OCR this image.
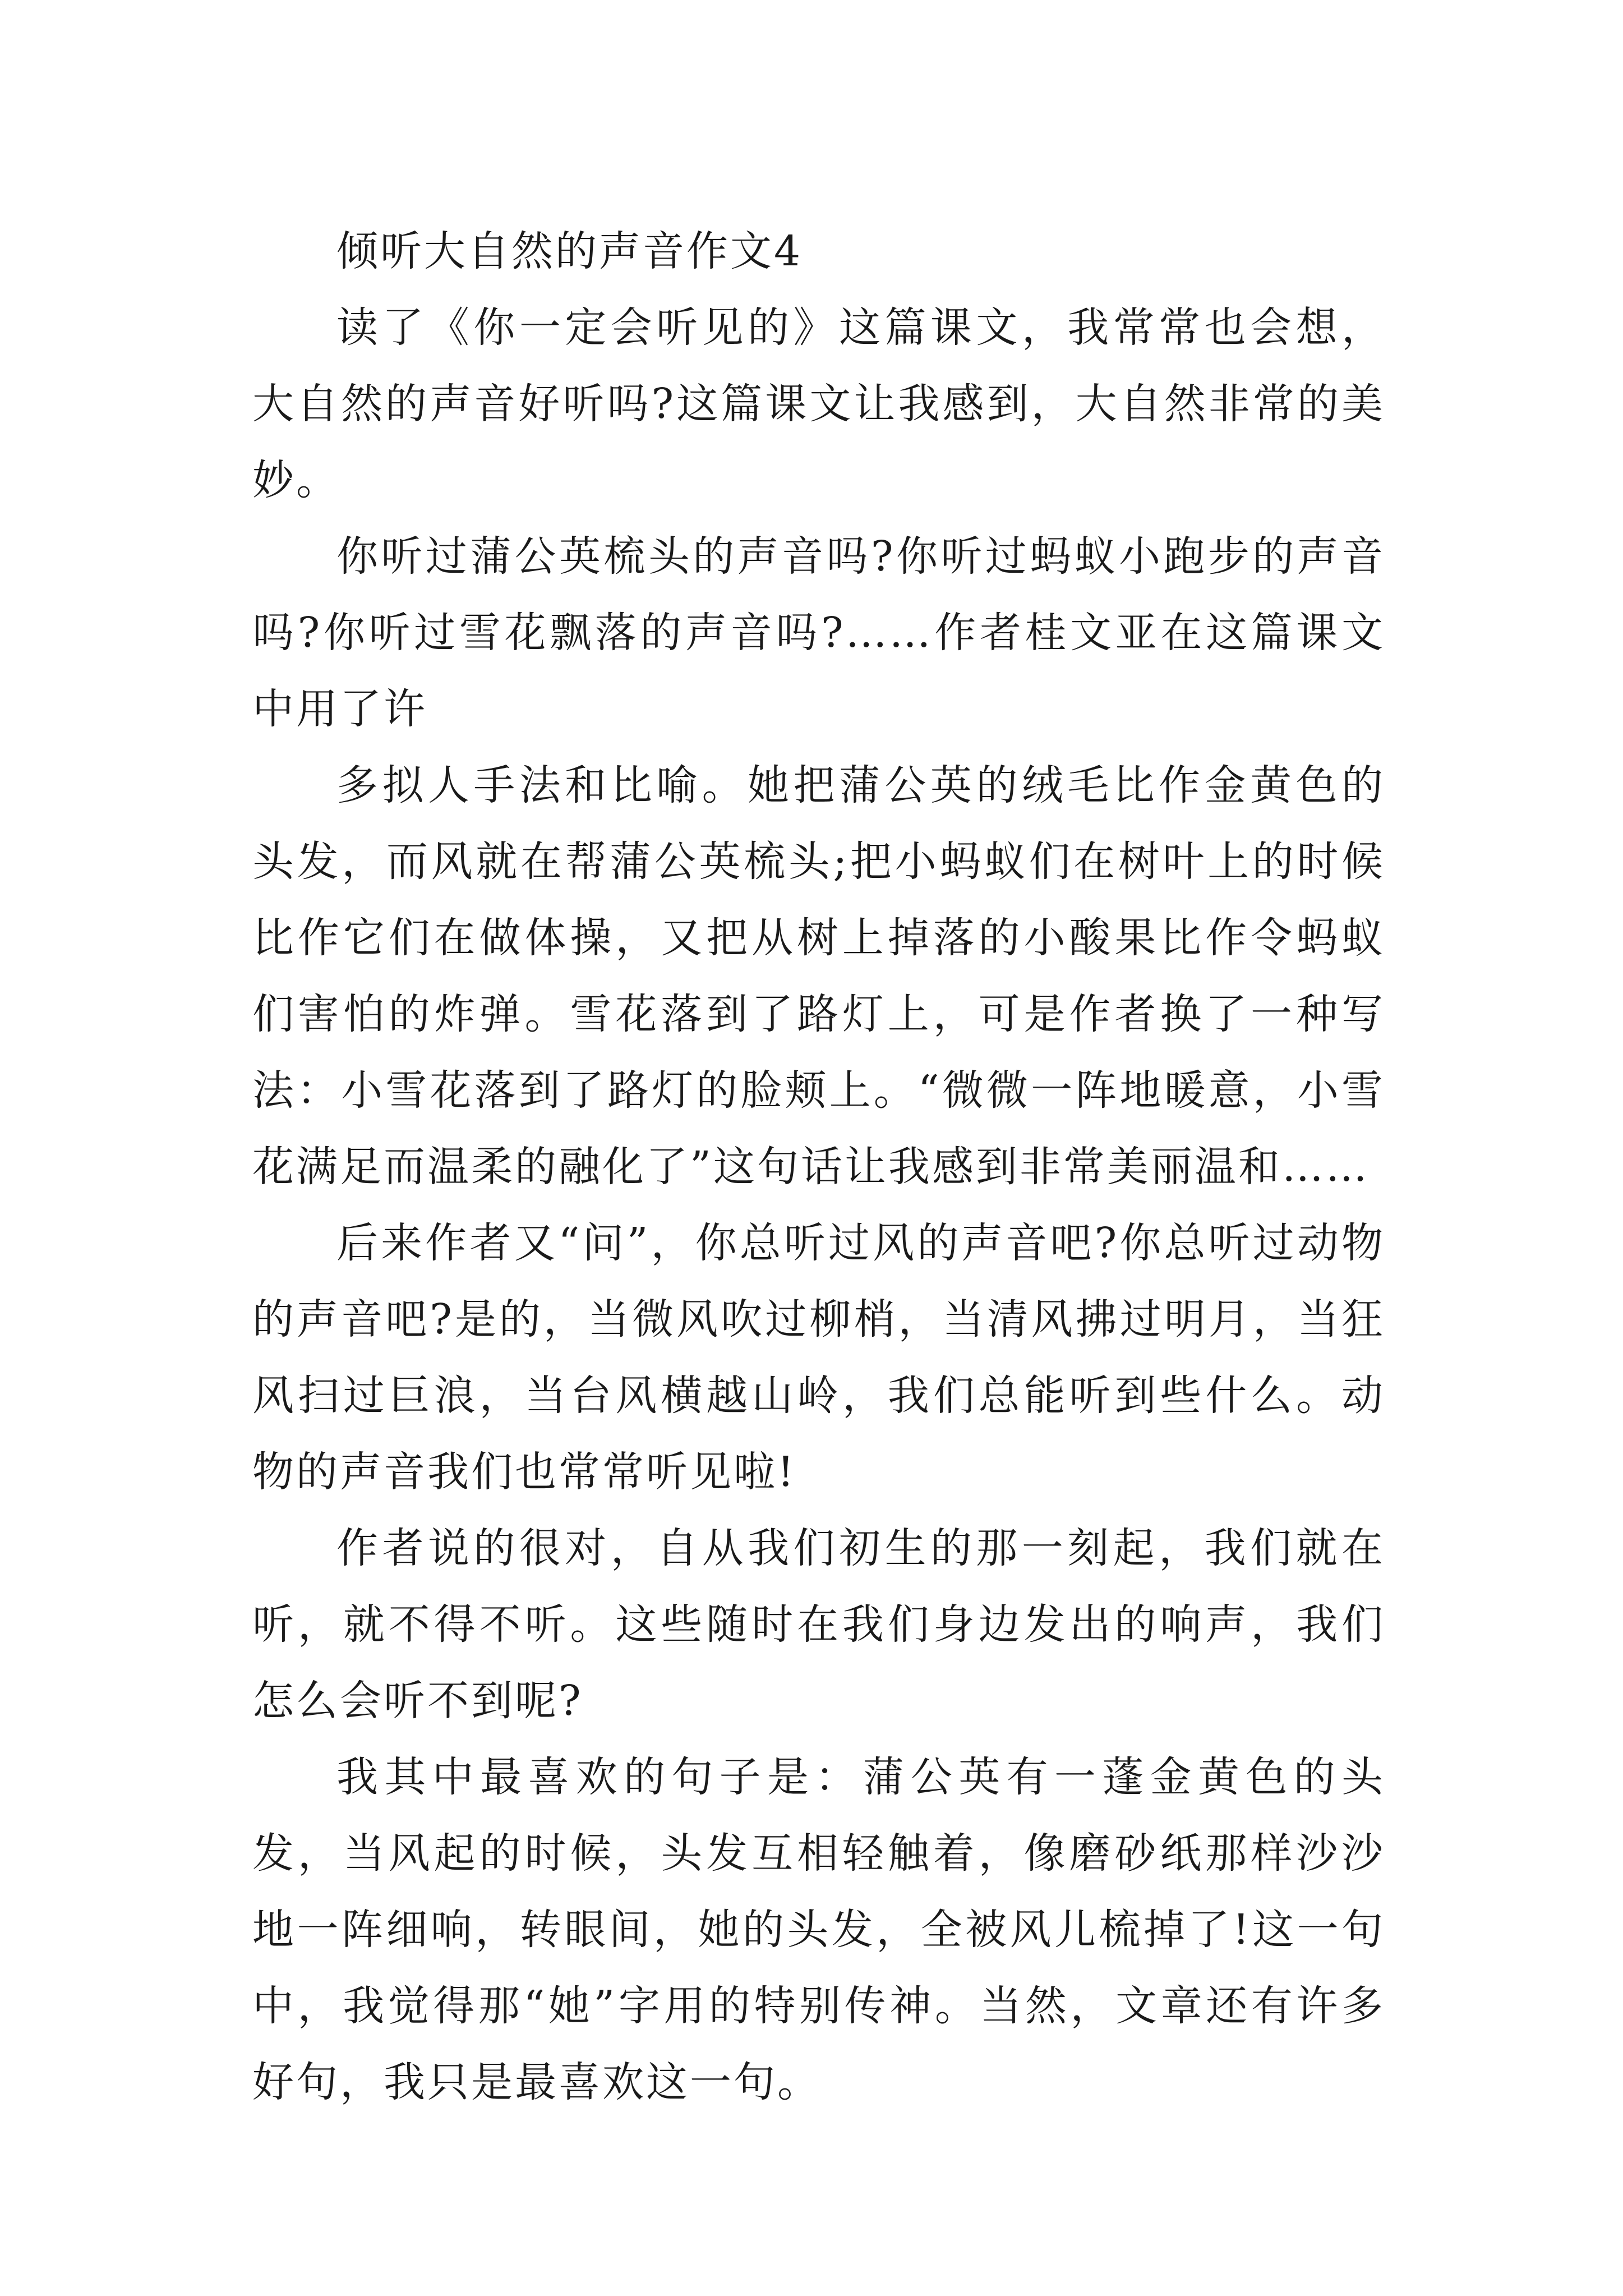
倾听大自然的声音作文4

读了《你一定会听见的》这篇课文，我常常也会想，大自然的声音好听吗?这篇课文让我感到，大自然非常的美妙。

你听过蒲公英梳头的声音吗?你听过蚂蚁小跑步的声音吗?你听过雪花飘落的声音吗?……作者桂文亚在这篇课文中用了许

多拟人手法和比喻。她把蒲公英的绒毛比作金黄色的头发，而风就在帮蒲公英梳头;把小蚂蚁们在树叶上的时候比作它们在做体操，又把从树上掉落的小酸果比作令蚂蚁们害怕的炸弹。雪花落到了路灯上，可是作者换了一种写法：小雪花落到了路灯的脸颊上。“微微一阵地暖意，小雪花满足而温柔的融化了”这句话让我感到非常美丽温和……

后来作者又“问”，你总听过风的声音吧?你总听过动物的声音吧?是的，当微风吹过柳梢，当清风拂过明月，当狂风扫过巨浪，当台风横越山岭，我们总能听到些什么。动物的声音我们也常常听见啦!

作者说的很对，自从我们初生的那一刻起，我们就在听，就不得不听。这些随时在我们身边发出的响声，我们怎么会听不到呢?

我其中最喜欢的句子是：蒲公英有一蓬金黄色的头发，当风起的时候，头发互相轻触着，像磨砂纸那样沙沙地一阵细响，转眼间，她的头发，全被风儿梳掉了!这一句中，我觉得那“她”字用的特别传神。当然，文章还有许多好句，我只是最喜欢这一句。
